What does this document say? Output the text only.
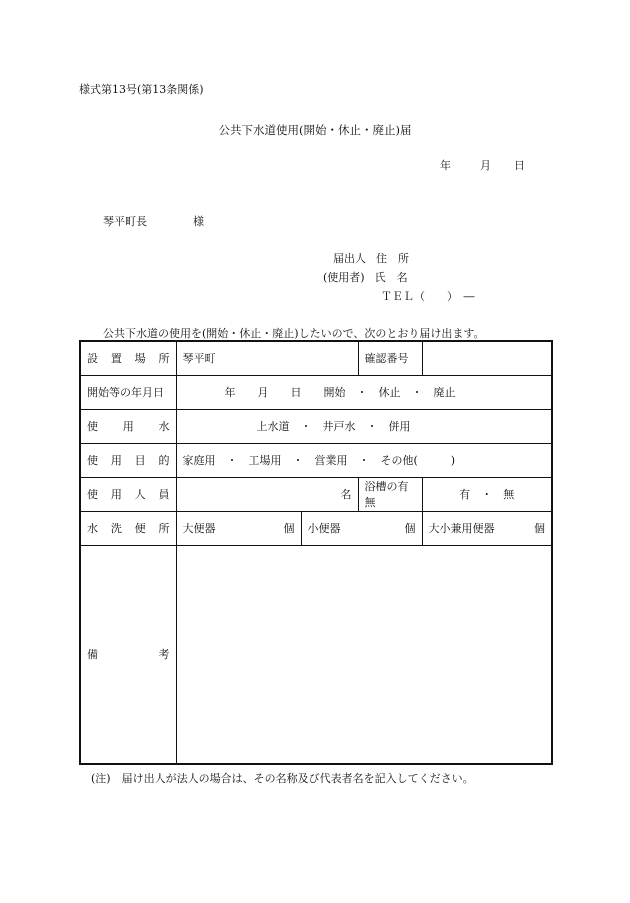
様式第13号(第13条関係)
公共下水道使用(開始・休止・廃止)届
年	月 日
琴平町長	様
届出人 住　所
(使用者) 氏　名
ＴＥＬ（　　）　―
公共下水道の使用を(開始・休止・廃止)したいので、次のとおり届け出ます。
設 置 場 所	琴平町		確認番号	
開始等の年月日	年　　月　　日　　開始　・　休止　・　廃止			

使 用 水	上水道　・　井戸水　・　併用			

使 用 目 的	家庭用　・　工場用　・　営業用　・　その他(　　　)			

使 用 人 員	名		浴槽の有無	有　・　無

水 洗 便 所	大便器 個	小便器 個		大小兼用便器 個

備 考				

(注)　届け出人が法人の場合は、その名称及び代表者名を記入してください。
